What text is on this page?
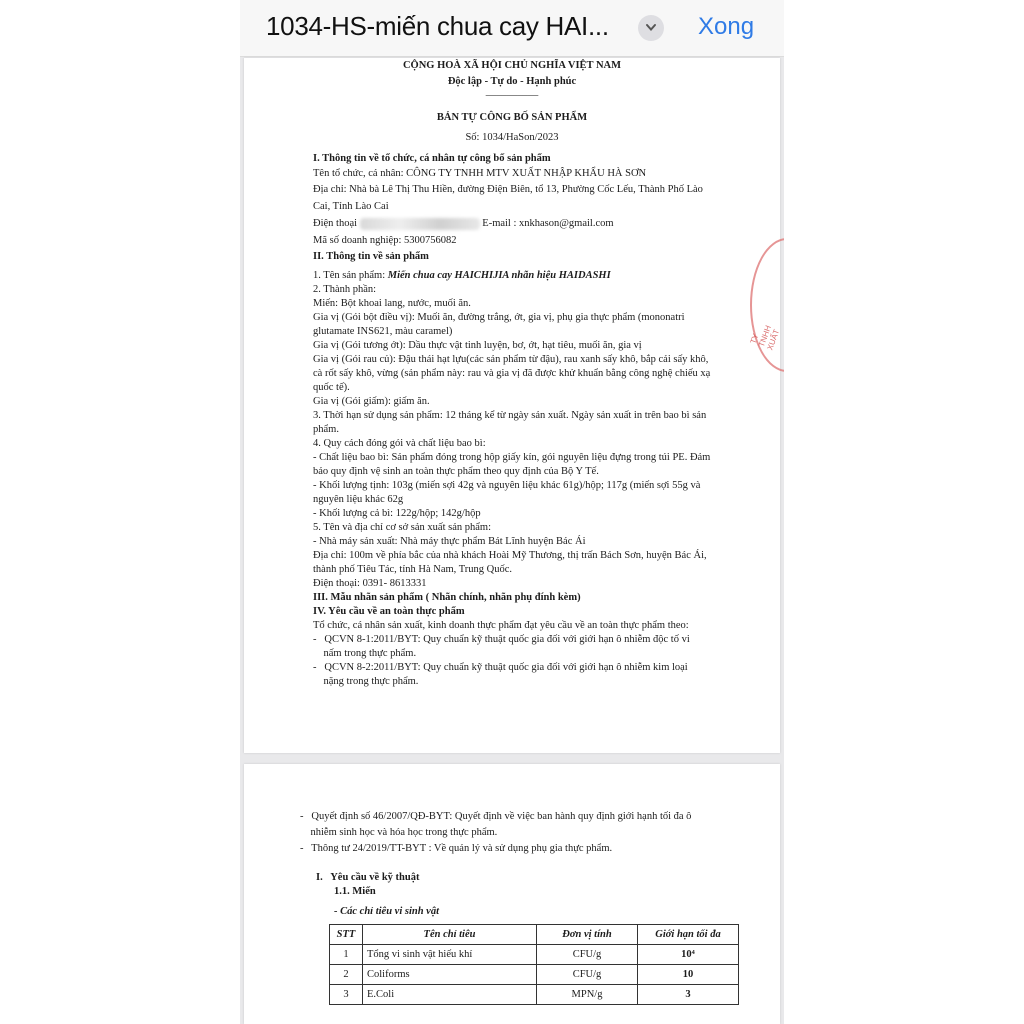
1034-HS-miến chua cay HAI...	Xong
CỘNG HOÀ XÃ HỘI CHỦ NGHĨA VIỆT NAM
Độc lập - Tự do - Hạnh phúc
__________
BẢN TỰ CÔNG BỐ SẢN PHẨM
Số: 1034/HaSon/2023
I. Thông tin về tổ chức, cá nhân tự công bố sản phẩm
Tên tổ chức, cá nhân: CÔNG TY TNHH MTV XUẤT NHẬP KHẨU HÀ SƠN
Địa chỉ: Nhà bà Lê Thị Thu Hiền, đường Điện Biên, tổ 13, Phường Cốc Lếu, Thành Phố Lào
Cai, Tỉnh Lào Cai
Điện thoại	E-mail : xnkhason@gmail.com
Mã số doanh nghiệp: 5300756082
II. Thông tin về sản phẩm
1. Tên sản phẩm: Miến chua cay HAICHIJIA nhãn hiệu HAIDASHI
2. Thành phần:
Miến: Bột khoai lang, nước, muối ăn.
Gia vị (Gói bột điều vị): Muối ăn, đường trắng, ớt, gia vị, phụ gia thực phẩm (mononatri
glutamate INS621, màu caramel)
Gia vị (Gói tương ớt): Dầu thực vật tinh luyện, bơ, ớt, hạt tiêu, muối ăn, gia vị
Gia vị (Gói rau củ): Đậu thái hạt lựu(các sản phẩm từ đậu), rau xanh sấy khô, bắp cải sấy khô,
cà rốt sấy khô, vừng (sản phẩm này: rau và gia vị đã được khử khuẩn bằng công nghệ chiếu xạ
quốc tế).
Gia vị (Gói giấm): giấm ăn.
3. Thời hạn sử dụng sản phẩm: 12 tháng kể từ ngày sản xuất. Ngày sản xuất in trên bao bì sản
phẩm.
4. Quy cách đóng gói và chất liệu bao bì:
- Chất liệu bao bì: Sản phẩm đóng trong hộp giấy kín, gói nguyên liệu đựng trong túi PE. Đảm
bảo quy định vệ sinh an toàn thực phẩm theo quy định của Bộ Y Tế.
- Khối lượng tịnh: 103g (miến sợi 42g và nguyên liệu khác 61g)/hộp; 117g (miến sợi 55g và
nguyên liệu khác 62g
- Khối lượng cả bì: 122g/hộp; 142g/hộp
5. Tên và địa chỉ cơ sở sản xuất sản phẩm:
- Nhà máy sản xuất: Nhà máy thực phẩm Bát Lĩnh huyện Bác Ái
Địa chỉ: 100m về phía bắc của nhà khách Hoài Mỹ Thương, thị trấn Bách Sơn, huyện Bác Ái,
thành phố Tiêu Tác, tỉnh Hà Nam, Trung Quốc.
Điện thoại: 0391- 8613331
III. Mẫu nhãn sản phẩm ( Nhãn chính, nhãn phụ đính kèm)
IV. Yêu cầu về an toàn thực phẩm
Tổ chức, cá nhân sản xuất, kinh doanh thực phẩm đạt yêu cầu về an toàn thực phẩm theo:
-   QCVN 8-1:2011/BYT: Quy chuẩn kỹ thuật quốc gia đối với giới hạn ô nhiễm độc tố vi
nấm trong thực phẩm.
-   QCVN 8-2:2011/BYT: Quy chuẩn kỹ thuật quốc gia đối với giới hạn ô nhiễm kim loại
nặng trong thực phẩm.
TY TNHH XUẤT
-   Quyết định số 46/2007/QĐ-BYT: Quyết định về việc ban hành quy định giới hạnh tối đa ô
nhiễm sinh học và hóa học trong thực phẩm.
-   Thông tư 24/2019/TT-BYT : Về quản lý và sử dụng phụ gia thực phẩm.
I.   Yêu cầu về kỹ thuật
1.1. Miến
- Các chỉ tiêu vi sinh vật
STT	Tên chỉ tiêu	Đơn vị tính	Giới hạn tối đa
1	Tổng vi sinh vật hiếu khí	CFU/g	10⁴
2	Coliforms	CFU/g	10
3	E.Coli	MPN/g	3
